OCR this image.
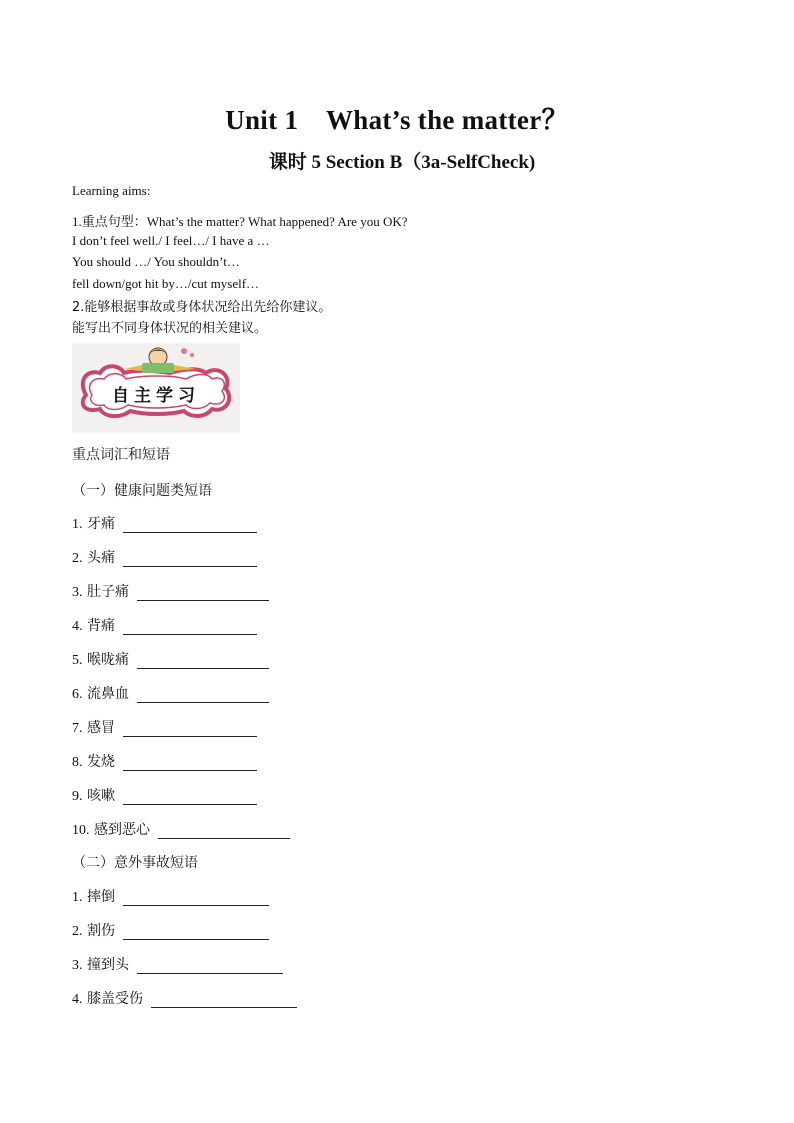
Unit 1    What’s the matter？
课时 5 Section B（3a-SelfCheck)
Learning aims:
1.重点句型：What’s the matter? What happened? Are you OK?
I don’t feel well./ I feel…/ I have a …
You should …/ You shouldn’t…
fell down/got hit by…/cut myself…
2.能够根据事故或身体状况给出先给你建议。
能写出不同身体状况的相关建议。
自主学习
重点词汇和短语
（一）健康问题类短语
1.
牙痛
2.
头痛
3.
肚子痛
4.
背痛
5.
喉咙痛
6.
流鼻血
7.
感冒
8.
发烧
9.
咳嗽
10.
感到恶心
（二）意外事故短语
1.
摔倒
2.
割伤
3.
撞到头
4.
膝盖受伤
